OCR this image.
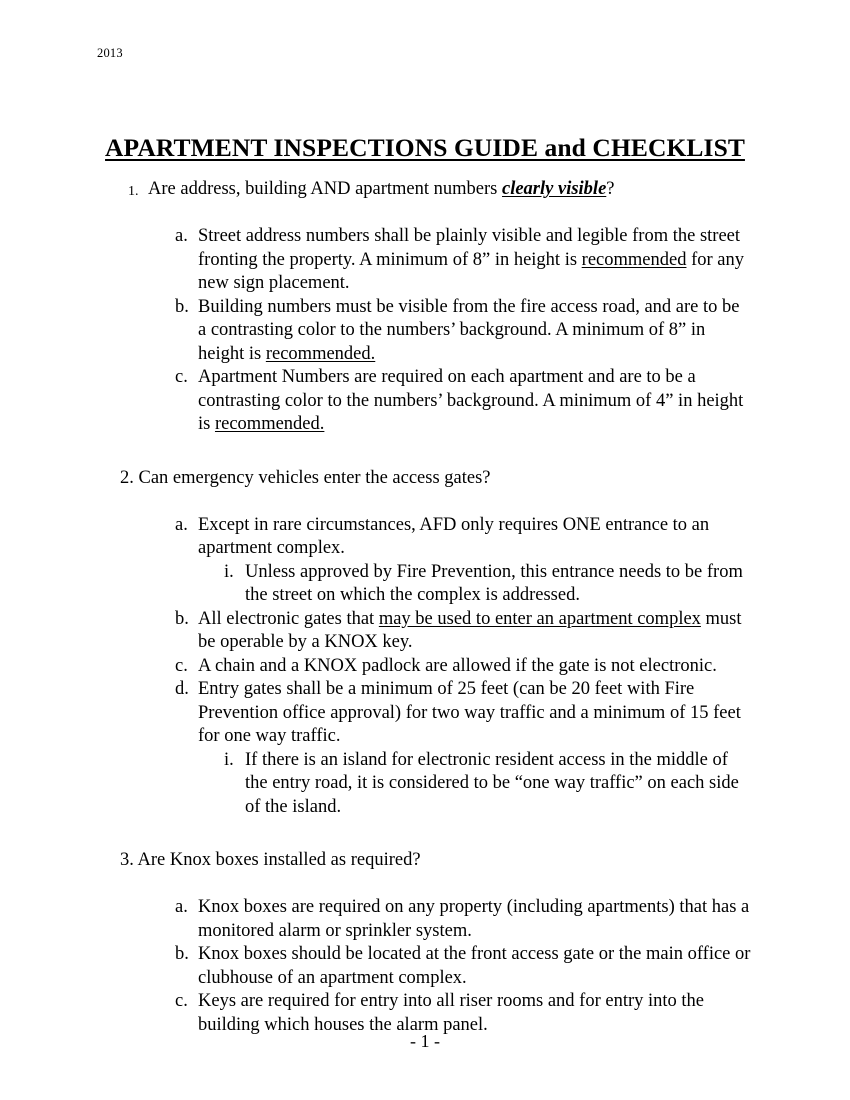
2013
APARTMENT INSPECTIONS GUIDE and CHECKLIST
1. Are address, building AND apartment numbers clearly visible?
a. Street address numbers shall be plainly visible and legible from the street fronting the property. A minimum of 8” in height is recommended for any new sign placement.
b. Building numbers must be visible from the fire access road, and are to be a contrasting color to the numbers’ background. A minimum of 8” in height is recommended.
c. Apartment Numbers are required on each apartment and are to be a contrasting color to the numbers’ background. A minimum of 4” in height is recommended.
2. Can emergency vehicles enter the access gates?
a. Except in rare circumstances, AFD only requires ONE entrance to an apartment complex.
i. Unless approved by Fire Prevention, this entrance needs to be from the street on which the complex is addressed.
b. All electronic gates that may be used to enter an apartment complex must be operable by a KNOX key.
c. A chain and a KNOX padlock are allowed if the gate is not electronic.
d. Entry gates shall be a minimum of 25 feet (can be 20 feet with Fire Prevention office approval) for two way traffic and a minimum of 15 feet for one way traffic.
i. If there is an island for electronic resident access in the middle of the entry road, it is considered to be “one way traffic” on each side of the island.
3. Are Knox boxes installed as required?
a. Knox boxes are required on any property (including apartments) that has a monitored alarm or sprinkler system.
b. Knox boxes should be located at the front access gate or the main office or clubhouse of an apartment complex.
c. Keys are required for entry into all riser rooms and for entry into the building which houses the alarm panel.
- 1 -
